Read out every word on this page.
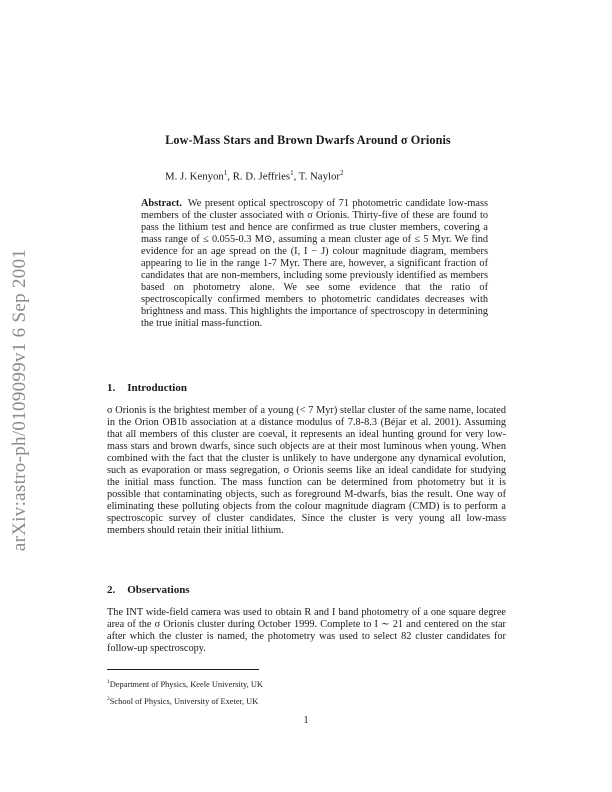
arXiv:astro-ph/0109099v1 6 Sep 2001
Low-Mass Stars and Brown Dwarfs Around σ Orionis
M. J. Kenyon$^1$, R. D. Jeffries$^1$, T. Naylor$^2$
Abstract. We present optical spectroscopy of 71 photometric candidate low-mass members of the cluster associated with σ Orionis. Thirty-five of these are found to pass the lithium test and hence are confirmed as true cluster members, covering a mass range of ≤ 0.055-0.3 M⊙, assuming a mean cluster age of ≤ 5 Myr. We find evidence for an age spread on the (I, I − J) colour magnitude diagram, members appearing to lie in the range 1-7 Myr. There are, however, a significant fraction of candidates that are non-members, including some previously identified as members based on photometry alone. We see some evidence that the ratio of spectroscopically confirmed members to photometric candidates decreases with brightness and mass. This highlights the importance of spectroscopy in determining the true initial mass-function.
1. Introduction
σ Orionis is the brightest member of a young (< 7 Myr) stellar cluster of the same name, located in the Orion OB1b association at a distance modulus of 7.8-8.3 (Béjar et al. 2001). Assuming that all members of this cluster are coeval, it represents an ideal hunting ground for very low-mass stars and brown dwarfs, since such objects are at their most luminous when young. When combined with the fact that the cluster is unlikely to have undergone any dynamical evolution, such as evaporation or mass segregation, σ Orionis seems like an ideal candidate for studying the initial mass function. The mass function can be determined from photometry but it is possible that contaminating objects, such as foreground M-dwarfs, bias the result. One way of eliminating these polluting objects from the colour magnitude diagram (CMD) is to perform a spectroscopic survey of cluster candidates. Since the cluster is very young all low-mass members should retain their initial lithium.
2. Observations
The INT wide-field camera was used to obtain R and I band photometry of a one square degree area of the σ Orionis cluster during October 1999. Complete to I ∼ 21 and centered on the star after which the cluster is named, the photometry was used to select 82 cluster candidates for follow-up spectroscopy.
$^1$Department of Physics, Keele University, UK
$^2$School of Physics, University of Exeter, UK
1
